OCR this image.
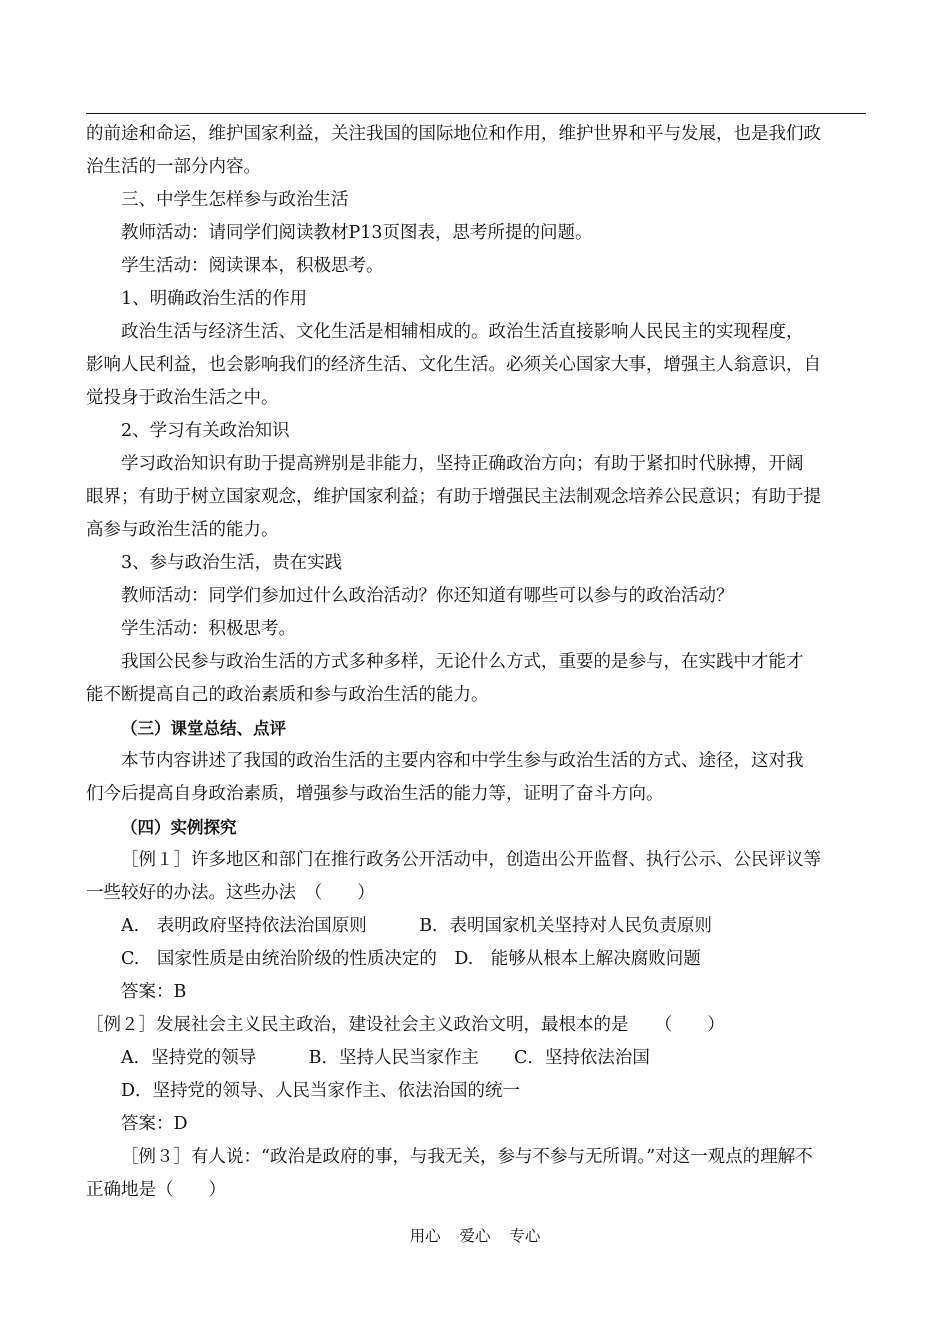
的前途和命运，维护国家利益，关注我国的国际地位和作用，维护世界和平与发展，也是我们政

治生活的一部分内容。

三、中学生怎样参与政治生活

教师活动：请同学们阅读教材P13页图表，思考所提的问题。

学生活动：阅读课本，积极思考。

1、明确政治生活的作用

政治生活与经济生活、文化生活是相辅相成的。政治生活直接影响人民民主的实现程度，

影响人民利益，也会影响我们的经济生活、文化生活。必须关心国家大事，增强主人翁意识，自

觉投身于政治生活之中。

2、学习有关政治知识

学习政治知识有助于提高辨别是非能力，坚持正确政治方向；有助于紧扣时代脉搏，开阔

眼界；有助于树立国家观念，维护国家利益；有助于增强民主法制观念培养公民意识；有助于提

高参与政治生活的能力。

3、参与政治生活，贵在实践

教师活动：同学们参加过什么政治活动？你还知道有哪些可以参与的政治活动？

学生活动：积极思考。

我国公民参与政治生活的方式多种多样，无论什么方式，重要的是参与，在实践中才能才

能不断提高自己的政治素质和参与政治生活的能力。

（三）课堂总结、点评

本节内容讲述了我国的政治生活的主要内容和中学生参与政治生活的方式、途径，这对我

们今后提高自身政治素质，增强参与政治生活的能力等，证明了奋斗方向。

（四）实例探究

［例１］许多地区和部门在推行政务公开活动中，创造出公开监督、执行公示、公民评议等

一些较好的办法。这些办法　（　　）

A.　表明政府坚持依法治国原则　　　B．表明国家机关坚持对人民负责原则

C.　国家性质是由统治阶级的性质决定的　D.　能够从根本上解决腐败问题

答案：B

［例２］发展社会主义民主政治，建设社会主义政治文明，最根本的是　　（　　）

A．坚持党的领导　　　B．坚持人民当家作主　　C．坚持依法治国

D．坚持党的领导、人民当家作主、依法治国的统一

答案：D

［例３］有人说：“政治是政府的事，与我无关，参与不参与无所谓。”对这一观点的理解不

正确地是（　　）

用心 爱心 专心
